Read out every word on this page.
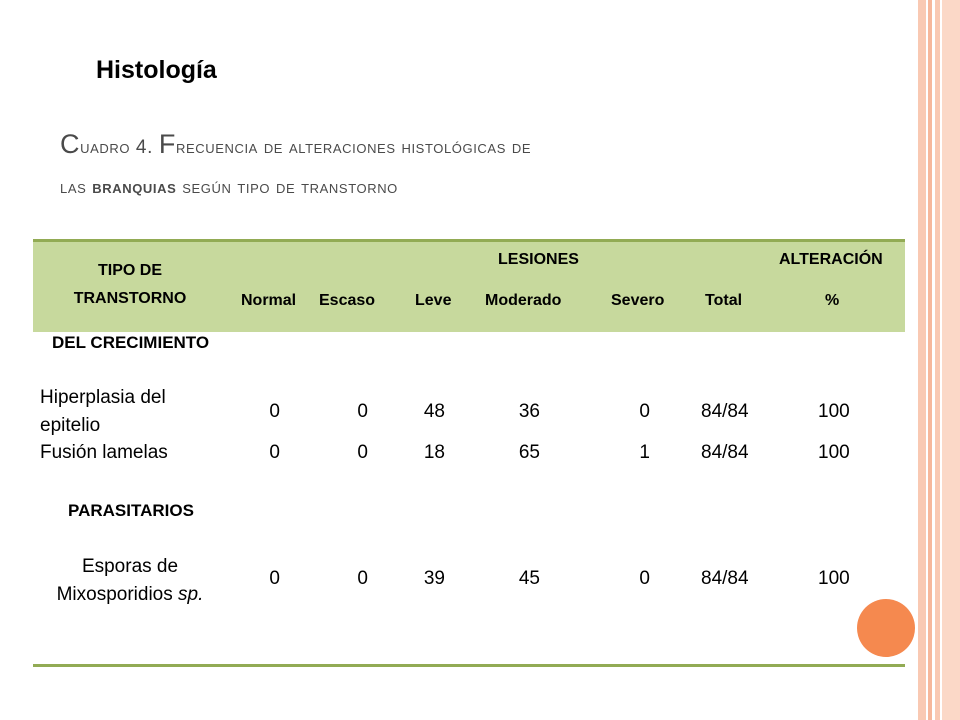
Histología
Cuadro 4. Frecuencia de alteraciones histológicas de
las branquias según tipo de transtorno
TIPO DE
TRANSTORNO
LESIONES	ALTERACIÓN
Normal Escaso Leve Moderado	Severo	Total	%
DEL CRECIMIENTO
Hiperplasia del
epitelio
0	0	48	36	0	84/84	100
Fusión lamelas	0	0	18	65	1	84/84	100
PARASITARIOS
Esporas de
Mixosporidios sp.
0	0	39	45	0	84/84	100
